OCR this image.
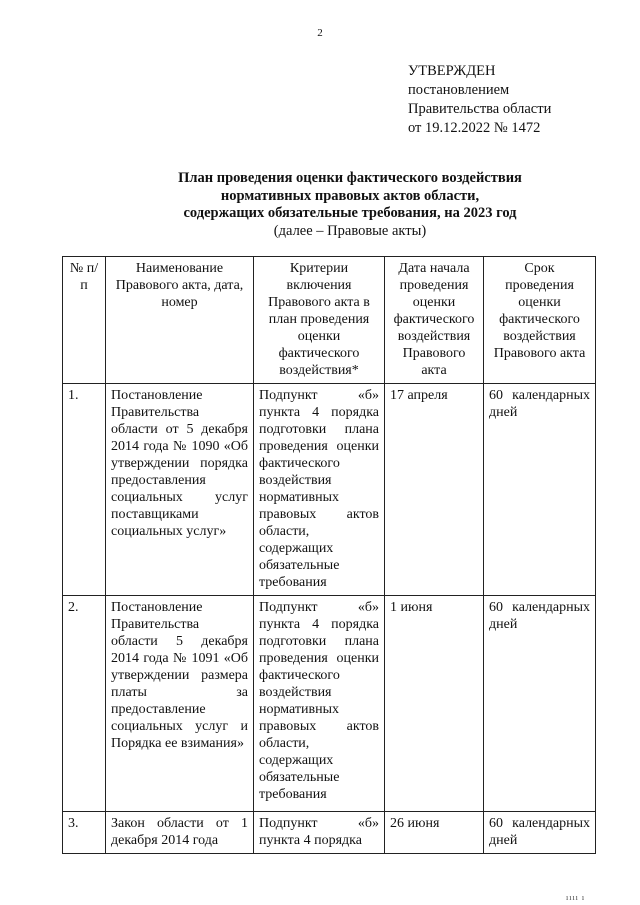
2
УТВЕРЖДЕН
постановлением
Правительства области
от 19.12.2022 № 1472
План проведения оценки фактического воздействия
нормативных правовых актов области,
содержащих обязательные требования, на 2023 год
(далее – Правовые акты)
№ п/п	Наименование Правового акта, дата, номер	Критерии включения Правового акта в план проведения оценки фактического воздействия*	Дата начала проведения оценки фактического воздействия Правового акта	Срок проведения оценки фактического воздействия Правового акта
1.	Постановление Правительства области от 5 декабря 2014 года № 1090 «Об утверждении порядка предоставления социальных услуг поставщиками социальных услуг»	Подпункт «б» пункта 4 порядка подготовки плана проведения оценки фактического воздействия нормативных правовых актов области, содержащих обязательные требования	17 апреля	60 календарных дней
2.	Постановление Правительства области 5 декабря 2014 года № 1091 «Об утверждении размера платы за предоставление социальных услуг и Порядка ее взимания»	Подпункт «б» пункта 4 порядка подготовки плана проведения оценки фактического воздействия нормативных правовых актов области, содержащих обязательные требования	1 июня	60 календарных дней
3.	Закон области от 1 декабря 2014 года	Подпункт «б» пункта 4 порядка	26 июня	60 календарных дней
ıııı ı
